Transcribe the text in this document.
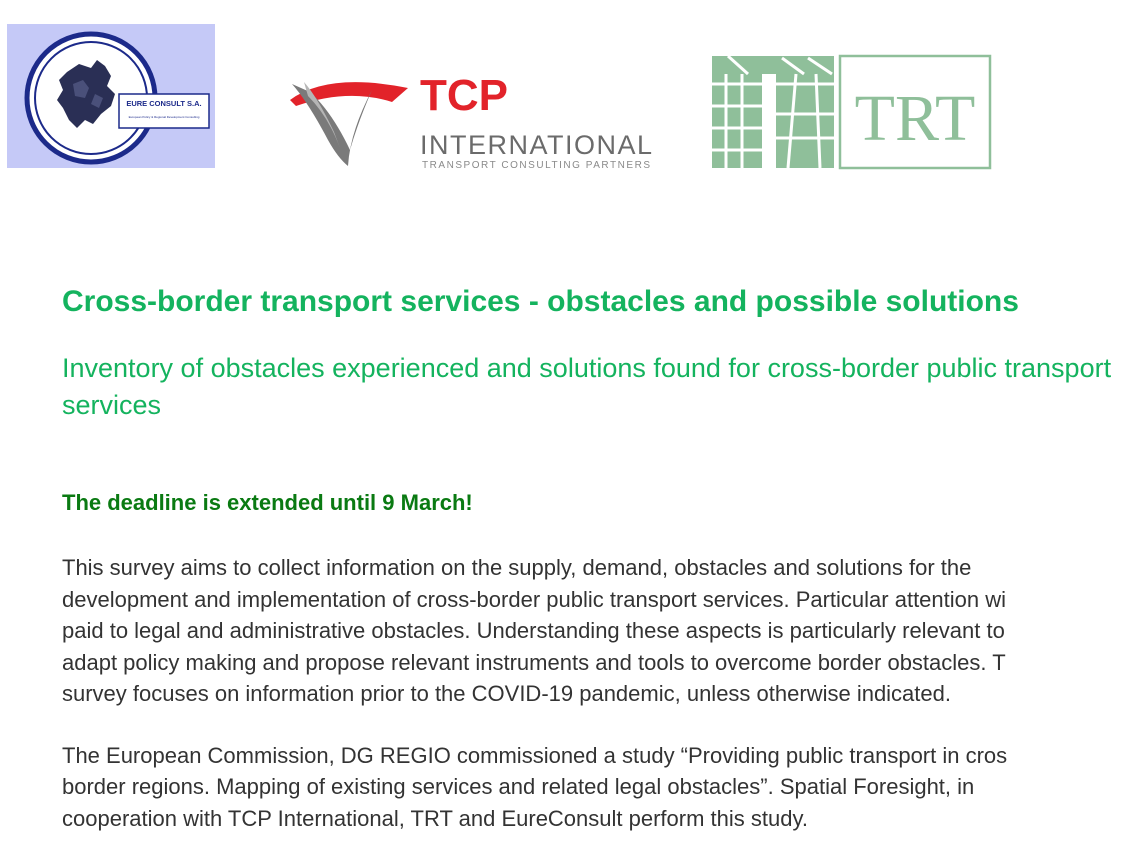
EURE CONSULT S.A.
European Policy & Regional Development Consulting	TCP
INTERNATIONAL
TRANSPORT CONSULTING PARTNERS
TRT
Cross-border transport services - obstacles and possible solutions
Inventory of obstacles experienced and solutions found for cross-border public transport services

The deadline is extended until 9 March!

This survey aims to collect information on the supply, demand, obstacles and solutions for the
development and implementation of cross-border public transport services. Particular attention wi
paid to legal and administrative obstacles. Understanding these aspects is particularly relevant to
adapt policy making and propose relevant instruments and tools to overcome border obstacles. T
survey focuses on information prior to the COVID-19 pandemic, unless otherwise indicated.

The European Commission, DG REGIO commissioned a study “Providing public transport in cros
border regions. Mapping of existing services and related legal obstacles”. Spatial Foresight, in
cooperation with TCP International, TRT and EureConsult perform this study.
